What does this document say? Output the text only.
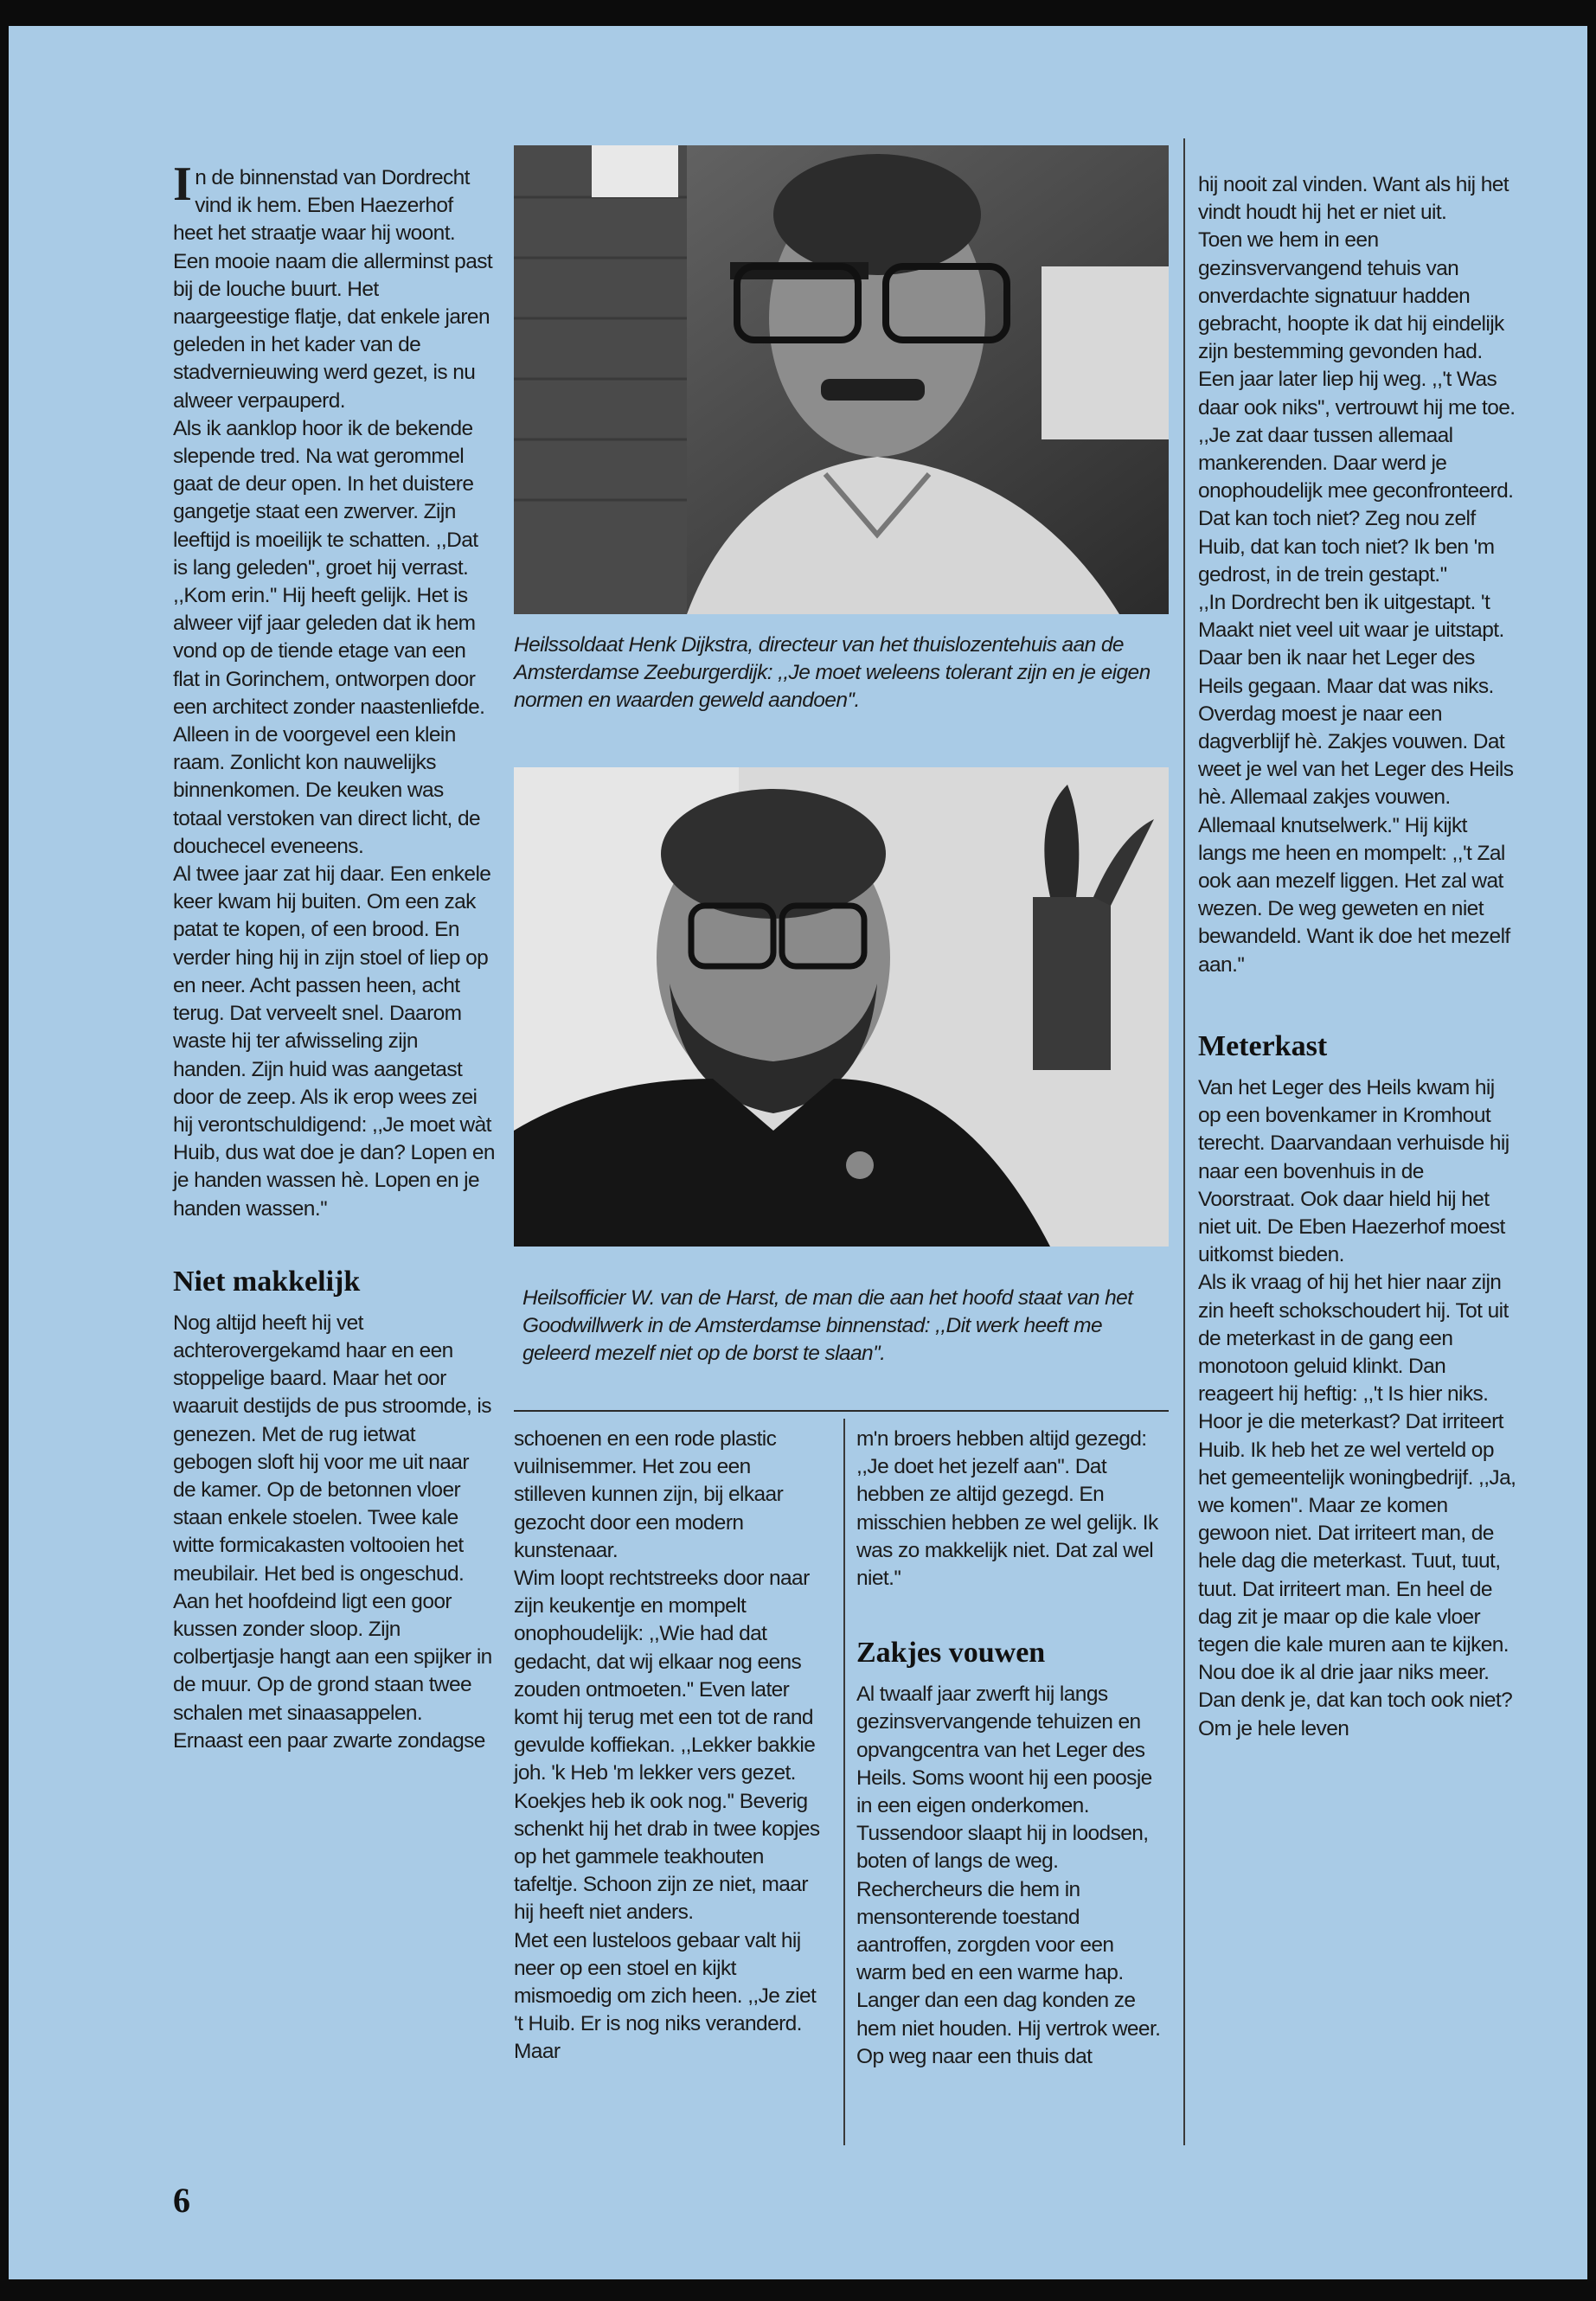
In de binnenstad van Dordrecht vind ik hem. Eben Haezerhof heet het straatje waar hij woont. Een mooie naam die allerminst past bij de louche buurt. Het naargeestige flatje, dat enkele jaren geleden in het kader van de stadvernieuwing werd gezet, is nu alweer verpauperd.

Als ik aanklop hoor ik de bekende slepende tred. Na wat gerommel gaat de deur open. In het duistere gangetje staat een zwerver. Zijn leeftijd is moeilijk te schatten. ,,Dat is lang geleden'', groet hij verrast. ,,Kom erin.'' Hij heeft gelijk. Het is alweer vijf jaar geleden dat ik hem vond op de tiende etage van een flat in Gorinchem, ontworpen door een architect zonder naastenliefde. Alleen in de voorgevel een klein raam. Zonlicht kon nauwelijks binnenkomen. De keuken was totaal verstoken van direct licht, de douchecel eveneens.

Al twee jaar zat hij daar. Een enkele keer kwam hij buiten. Om een zak patat te kopen, of een brood. En verder hing hij in zijn stoel of liep op en neer. Acht passen heen, acht terug. Dat verveelt snel. Daarom waste hij ter afwisseling zijn handen. Zijn huid was aangetast door de zeep. Als ik erop wees zei hij verontschuldigend: ,,Je moet wàt Huib, dus wat doe je dan? Lopen en je handen wassen hè. Lopen en je handen wassen.''

Niet makkelijk

Nog altijd heeft hij vet achterovergekamd haar en een stoppelige baard. Maar het oor waaruit destijds de pus stroomde, is genezen. Met de rug ietwat gebogen sloft hij voor me uit naar de kamer. Op de betonnen vloer staan enkele stoelen. Twee kale witte formicakasten voltooien het meubilair. Het bed is ongeschud. Aan het hoofdeind ligt een goor kussen zonder sloop. Zijn colbertjasje hangt aan een spijker in de muur. Op de grond staan twee schalen met sinaasappelen. Ernaast een paar zwarte zondagse

Heilssoldaat Henk Dijkstra, directeur van het thuislozentehuis aan de Amsterdamse Zeeburgerdijk: ,,Je moet weleens tolerant zijn en je eigen normen en waarden geweld aandoen''.
Heilsofficier W. van de Harst, de man die aan het hoofd staat van het Goodwillwerk in de Amsterdamse binnenstad: ,,Dit werk heeft me geleerd mezelf niet op de borst te slaan''.

schoenen en een rode plastic vuilnisemmer. Het zou een stilleven kunnen zijn, bij elkaar gezocht door een modern kunstenaar.

Wim loopt rechtstreeks door naar zijn keukentje en mompelt onophoudelijk: ,,Wie had dat gedacht, dat wij elkaar nog eens zouden ontmoeten.'' Even later komt hij terug met een tot de rand gevulde koffiekan. ,,Lekker bakkie joh. 'k Heb 'm lekker vers gezet. Koekjes heb ik ook nog.'' Beverig schenkt hij het drab in twee kopjes op het gammele teakhouten tafeltje. Schoon zijn ze niet, maar hij heeft niet anders.

Met een lusteloos gebaar valt hij neer op een stoel en kijkt mismoedig om zich heen. ,,Je ziet 't Huib. Er is nog niks veranderd. Maar

m'n broers hebben altijd gezegd: ,,Je doet het jezelf aan''. Dat hebben ze altijd gezegd. En misschien hebben ze wel gelijk. Ik was zo makkelijk niet. Dat zal wel niet.''

Zakjes vouwen

Al twaalf jaar zwerft hij langs gezinsvervangende tehuizen en opvangcentra van het Leger des Heils. Soms woont hij een poosje in een eigen onderkomen. Tussendoor slaapt hij in loodsen, boten of langs de weg. Rechercheurs die hem in mensonterende toestand aantroffen, zorgden voor een warm bed en een warme hap. Langer dan een dag konden ze hem niet houden. Hij vertrok weer. Op weg naar een thuis dat

hij nooit zal vinden. Want als hij het vindt houdt hij het er niet uit.

Toen we hem in een gezinsvervangend tehuis van onverdachte signatuur hadden gebracht, hoopte ik dat hij eindelijk zijn bestemming gevonden had. Een jaar later liep hij weg. ,,'t Was daar ook niks'', vertrouwt hij me toe. ,,Je zat daar tussen allemaal mankerenden. Daar werd je onophoudelijk mee geconfronteerd. Dat kan toch niet? Zeg nou zelf Huib, dat kan toch niet? Ik ben 'm gedrost, in de trein gestapt.''

,,In Dordrecht ben ik uitgestapt. 't Maakt niet veel uit waar je uitstapt. Daar ben ik naar het Leger des Heils gegaan. Maar dat was niks. Overdag moest je naar een dagverblijf hè. Zakjes vouwen. Dat weet je wel van het Leger des Heils hè. Allemaal zakjes vouwen. Allemaal knutselwerk.'' Hij kijkt langs me heen en mompelt: ,,'t Zal ook aan mezelf liggen. Het zal wat wezen. De weg geweten en niet bewandeld. Want ik doe het mezelf aan.''

Meterkast

Van het Leger des Heils kwam hij op een bovenkamer in Kromhout terecht. Daarvandaan verhuisde hij naar een bovenhuis in de Voorstraat. Ook daar hield hij het niet uit. De Eben Haezerhof moest uitkomst bieden.

Als ik vraag of hij het hier naar zijn zin heeft schokschoudert hij. Tot uit de meterkast in de gang een monotoon geluid klinkt. Dan reageert hij heftig: ,,'t Is hier niks. Hoor je die meterkast? Dat irriteert Huib. Ik heb het ze wel verteld op het gemeentelijk woningbedrijf. ,,Ja, we komen''. Maar ze komen gewoon niet. Dat irriteert man, de hele dag die meterkast. Tuut, tuut, tuut. Dat irriteert man. En heel de dag zit je maar op die kale vloer tegen die kale muren aan te kijken. Nou doe ik al drie jaar niks meer. Dan denk je, dat kan toch ook niet? Om je hele leven

6
